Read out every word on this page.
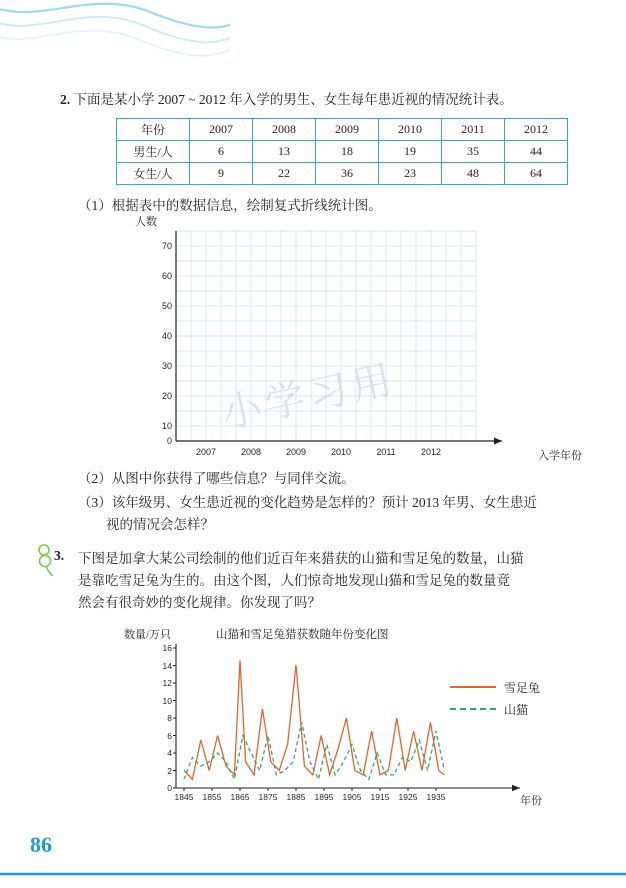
2. 下面是某小学 2007 ~ 2012 年入学的男生、女生每年患近视的情况统计表。
年份	2007	2008	2009	2010	2011	2012
男生/人	6	13	18	19	35	44
女生/人	9	22	36	23	48	64
（1）根据表中的数据信息，绘制复式折线统计图。
人数
入学年份
0
10
20
30
40
50
60
70
2007	2008	2009	2010	2011	2012
小学习用
（2）从图中你获得了哪些信息？与同伴交流。
（3）该年级男、女生患近视的变化趋势是怎样的？预计 2013 年男、女生患近
视的情况会怎样？
3. 下图是加拿大某公司绘制的他们近百年来猎获的山猫和雪足兔的数量，山猫
是靠吃雪足兔为生的。由这个图，人们惊奇地发现山猫和雪足兔的数量竟
然会有很奇妙的变化规律。你发现了吗？
数量/万只	山猫和雪足兔猎获数随年份变化图
年份
0
2
4
6
8
10
12
14
16
1845 1855 1865 1875 1885 1895 1905 1915 1925 1935
雪足兔
山猫
86
